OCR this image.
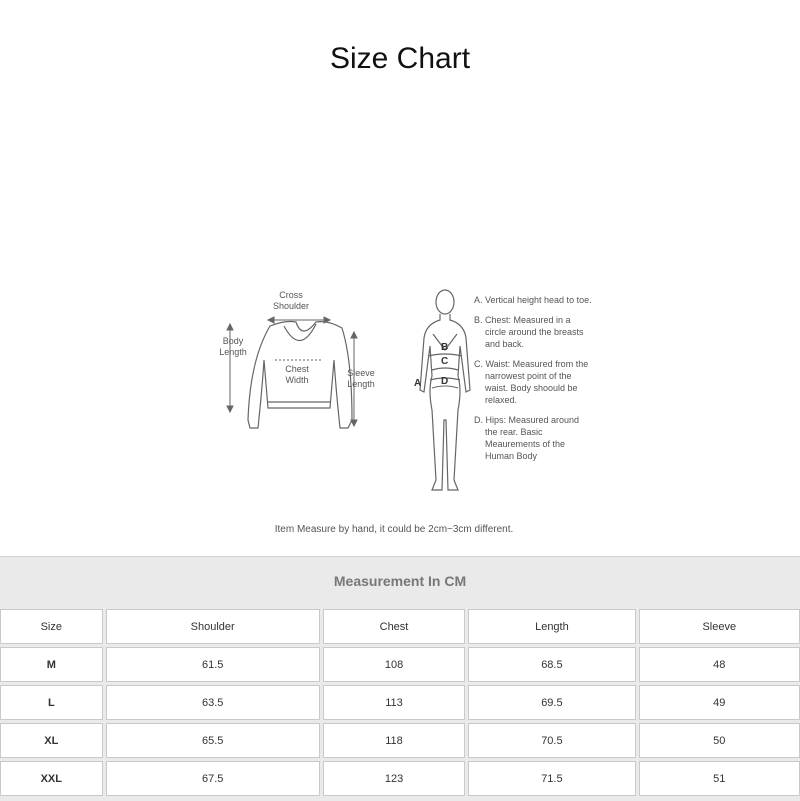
Size Chart
Cross
Shoulder
Body
Length
Chest
Width
Sleeve
Length	A
B
C
D
A. Vertical height head to toe.
B. Chest: Measured in a circle around the breasts and back.
C. Waist: Measured from the narrowest point of the waist. Body shoould be relaxed.
D. Hips: Measured around the rear. Basic Meaurements of the Human Body
Item Measure by hand, it could be 2cm~3cm different.
Measurement In CM
Size	Shoulder	Chest	Length	Sleeve
M	61.5	108	68.5	48
L	63.5	113	69.5	49
XL	65.5	118	70.5	50
XXL	67.5	123	71.5	51
